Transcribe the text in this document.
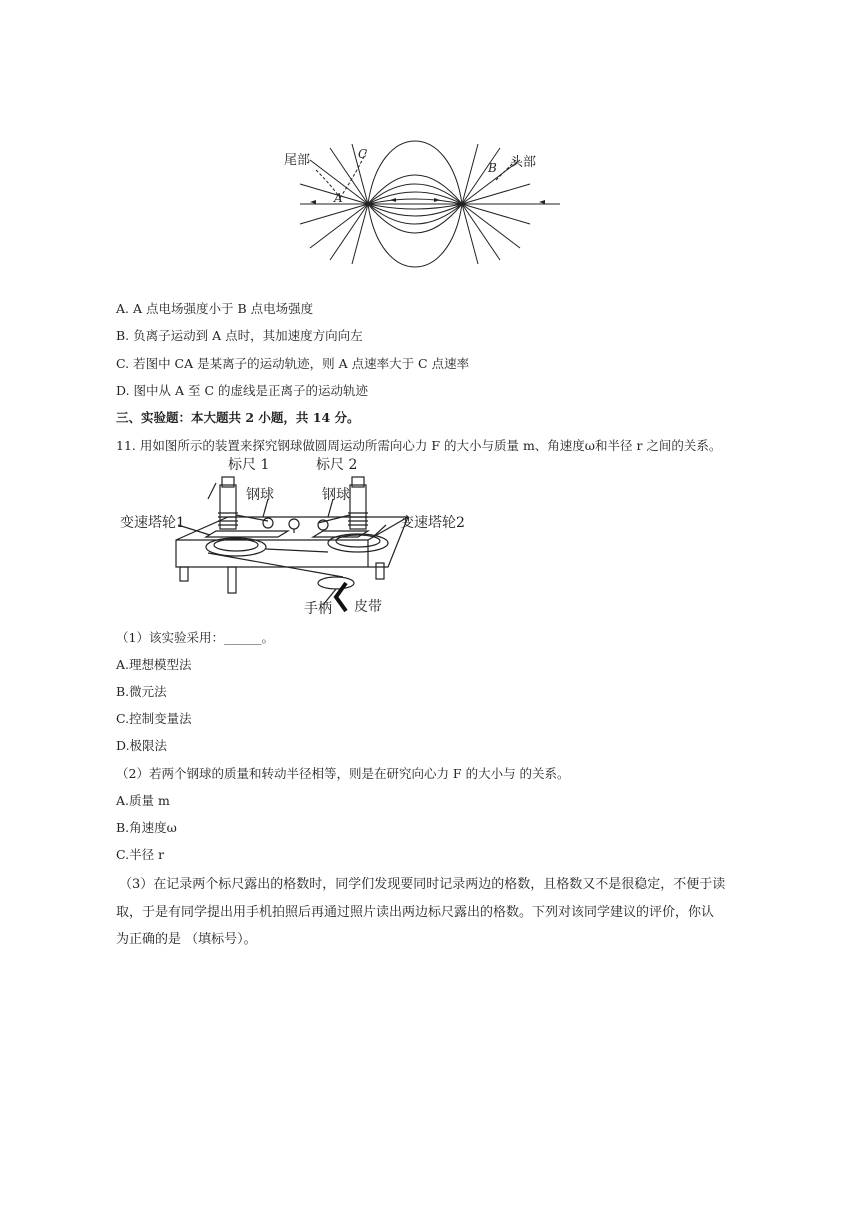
尾部	头部
A
B
C
A. A 点电场强度小于 B 点电场强度
B. 负离子运动到 A 点时，其加速度方向向左
C. 若图中 CA 是某离子的运动轨迹，则 A 点速率大于 C 点速率
D. 图中从 A 至 C 的虚线是正离子的运动轨迹
三、实验题：本大题共 2 小题，共 14 分。
11. 用如图所示的装置来探究钢球做圆周运动所需向心力 F 的大小与质量 m、角速度ω和半径 r 之间的关系。
标尺 1	标尺 2
钢球	钢球
变速塔轮1	变速塔轮2
手柄 皮带
（1）该实验采用：______。
A.理想模型法
B.微元法
C.控制变量法
D.极限法
（2）若两个钢球的质量和转动半径相等，则是在研究向心力 F 的大小与 的关系。
A.质量 m
B.角速度ω
C.半径 r
（3）在记录两个标尺露出的格数时，同学们发现要同时记录两边的格数，且格数又不是很稳定，不便于读
取，于是有同学提出用手机拍照后再通过照片读出两边标尺露出的格数。下列对该同学建议的评价，你认
为正确的是 （填标号）。
